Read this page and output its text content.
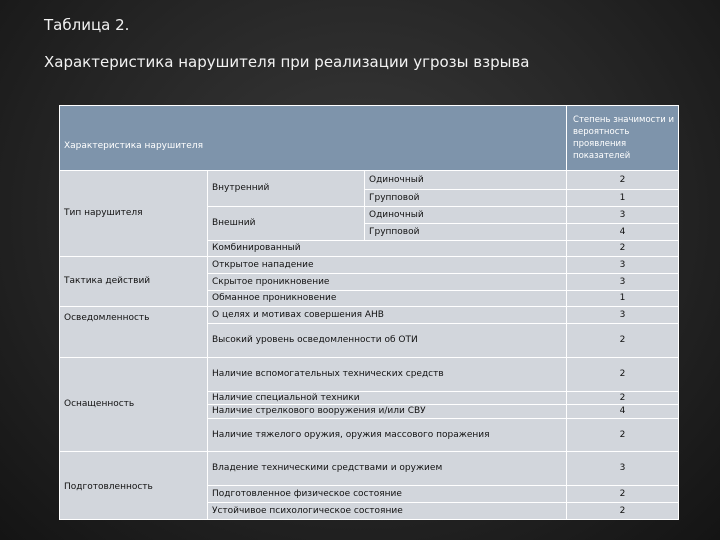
Таблица 2.
Характеристика нарушителя при реализации угрозы взрыва
Характеристика нарушителя			Степень значимости и вероятность проявления показателей
Тип нарушителя	Внутренний	Одиночный	2
		Групповой	1
	Внешний	Одиночный	3
		Групповой	4
	Комбинированный		2
Тактика действий	Открытое нападение		3
	Скрытое проникновение		3
	Обманное проникновение		1
Осведомленность	О целях и мотивах совершения АНВ		3
	Высокий уровень осведомленности об ОТИ		2
Оснащенность	Наличие вспомогательных технических средств		2
	Наличие специальной техники		2
	Наличие стрелкового вооружения и/или СВУ		4
	Наличие тяжелого оружия, оружия массового поражения		2
Подготовленность	Владение техническими средствами и оружием		3
	Подготовленное физическое состояние		2
	Устойчивое психологическое состояние		2
